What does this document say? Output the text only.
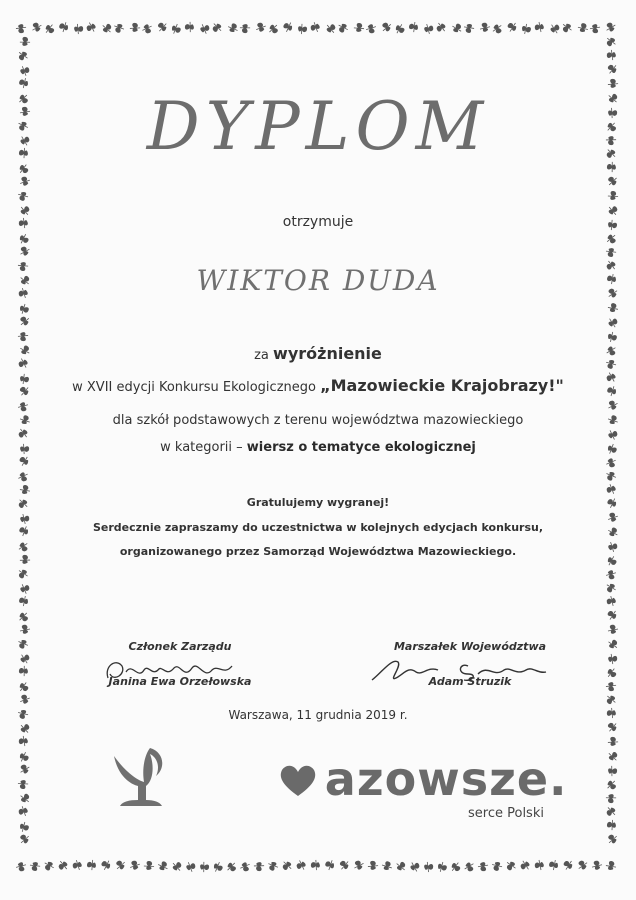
DYPLOM
otrzymuje
WIKTOR DUDA
za wyróżnienie
w XVII edycji Konkursu Ekologicznego „Mazowieckie Krajobrazy!"
dla szkół podstawowych z terenu województwa mazowieckiego
w kategorii – wiersz o tematyce ekologicznej
Gratulujemy wygranej!
Serdecznie zapraszamy do uczestnictwa w kolejnych edycjach konkursu,
organizowanego przez Samorząd Województwa Mazowieckiego.
Członek Zarządu
Janina Ewa Orzełowska
Marszałek Województwa
Adam Struzik
Warszawa, 11 grudnia 2019 r.
azowsze.
serce Polski
